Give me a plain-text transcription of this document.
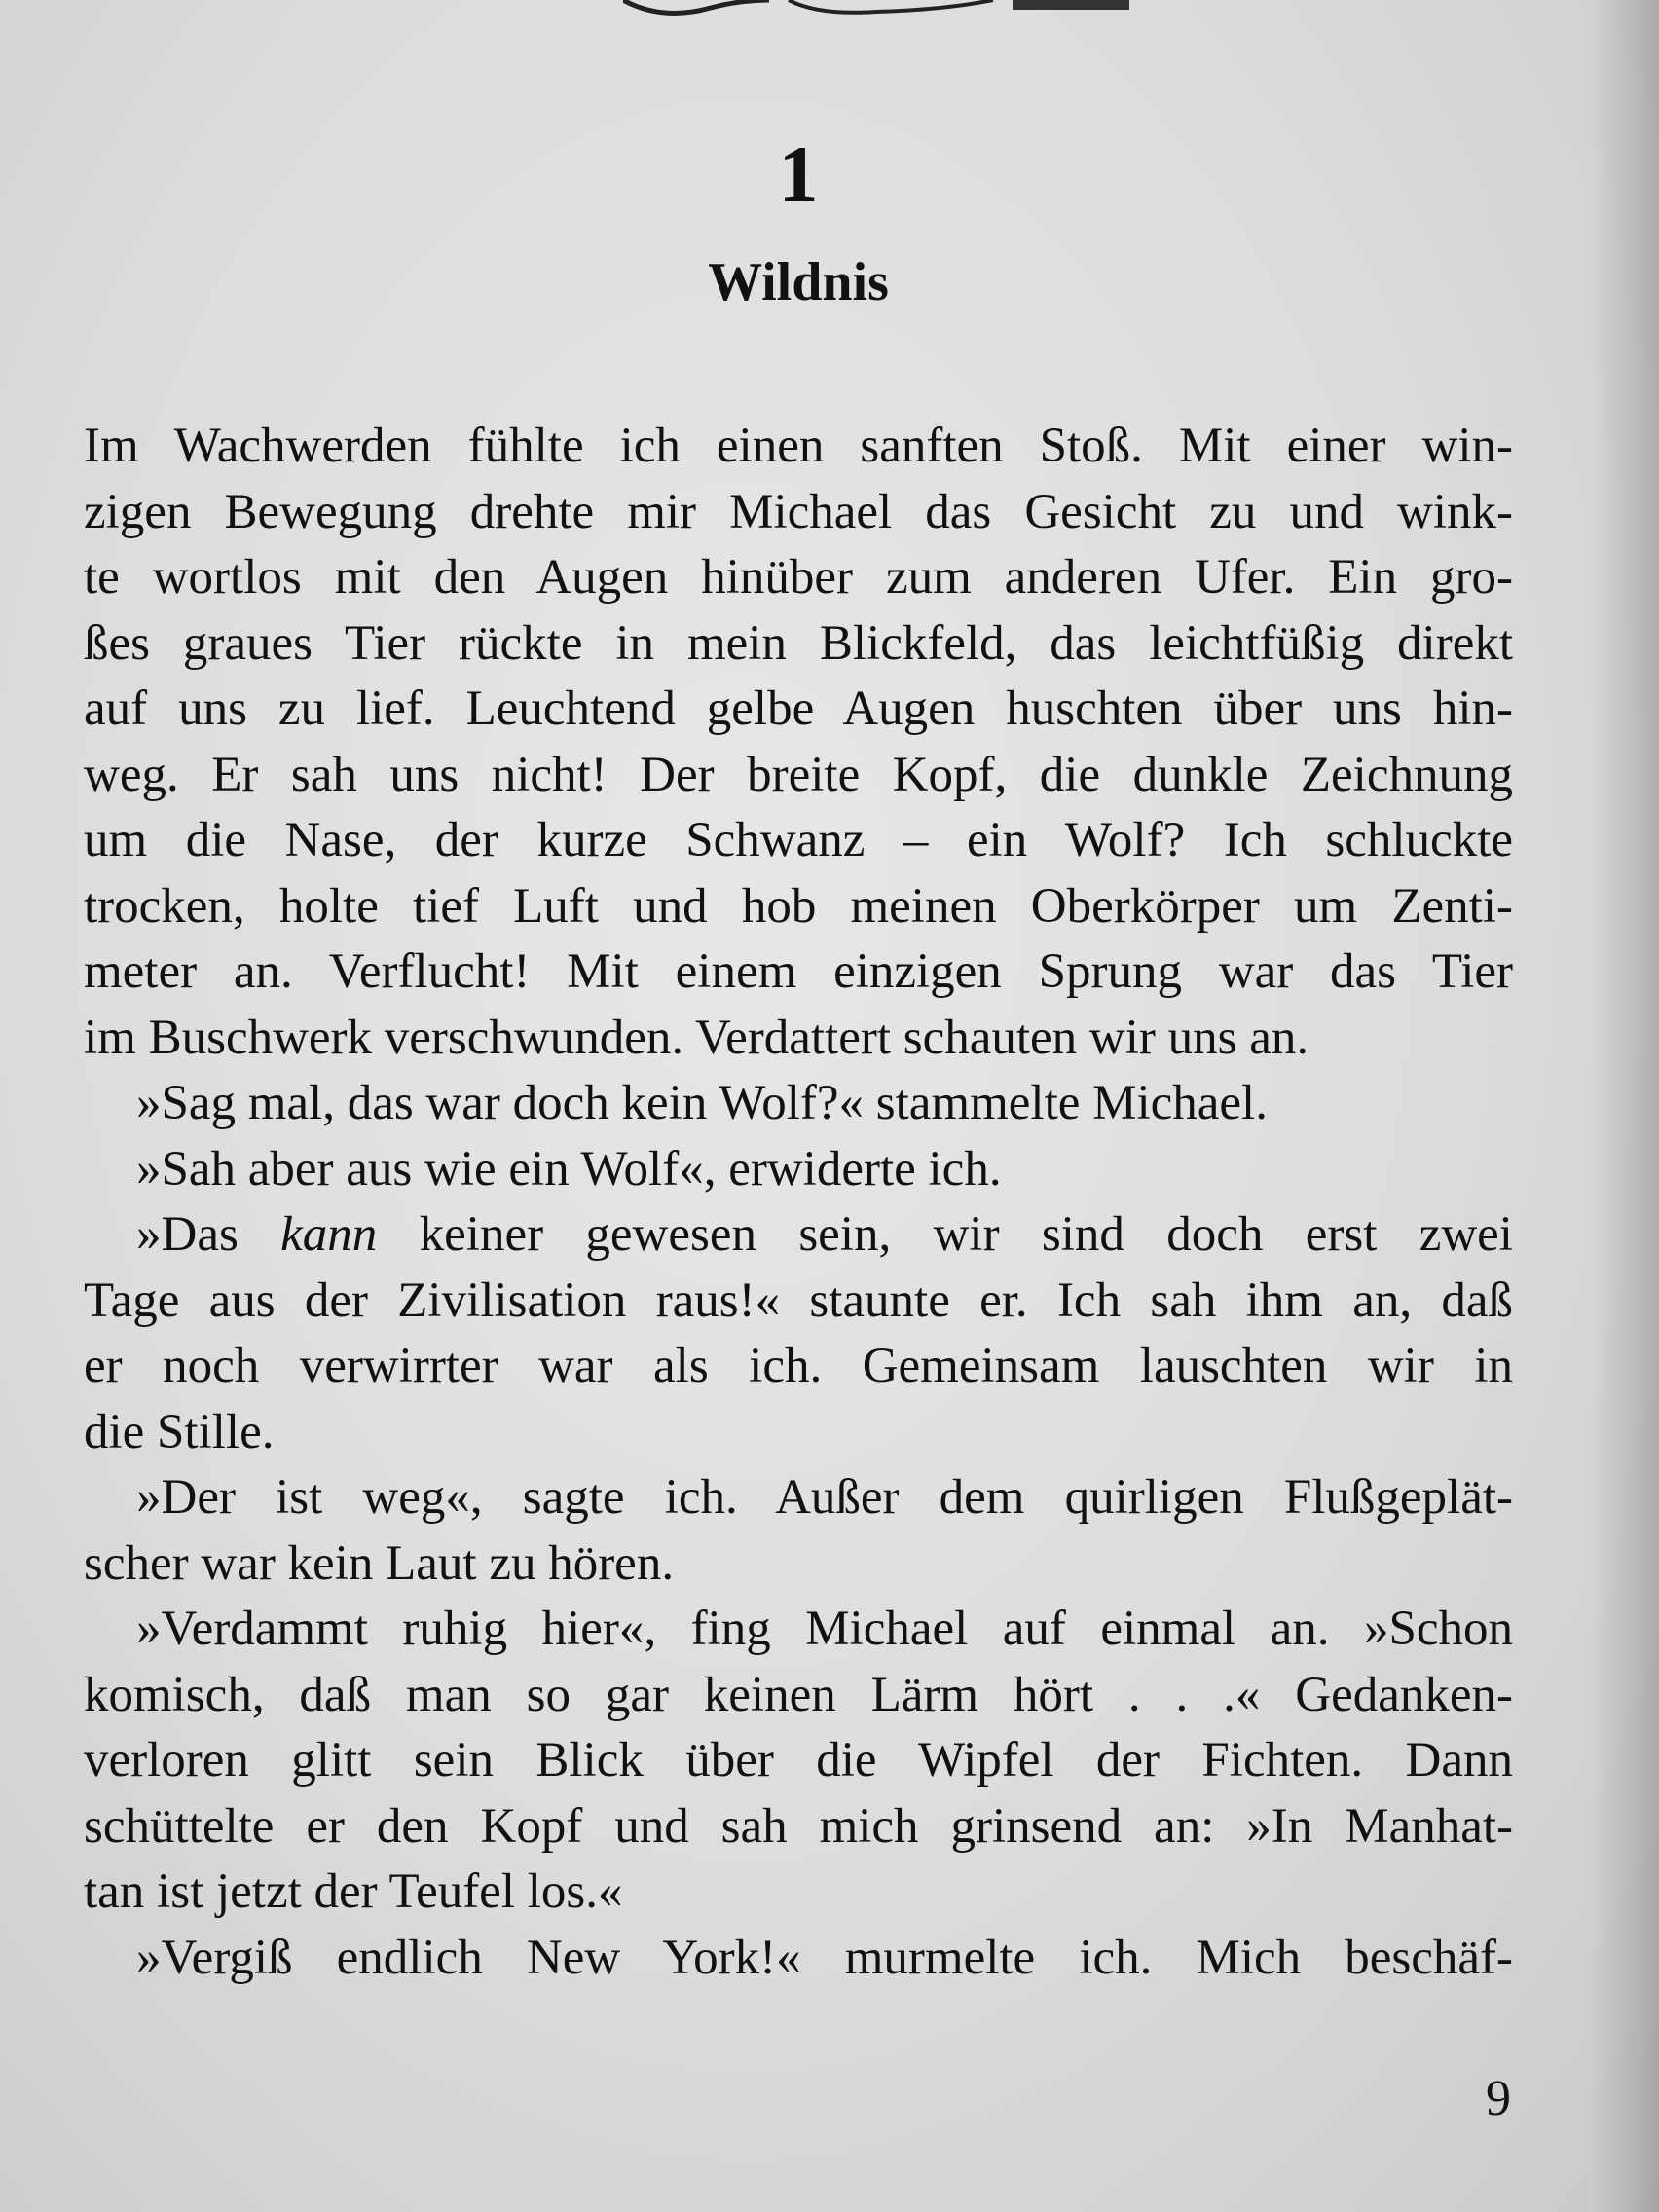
1
Wildnis
Im Wachwerden fühlte ich einen sanften Stoß. Mit einer win-
zigen Bewegung drehte mir Michael das Gesicht zu und wink-
te wortlos mit den Augen hinüber zum anderen Ufer. Ein gro-
ßes graues Tier rückte in mein Blickfeld, das leichtfüßig direkt
auf uns zu lief. Leuchtend gelbe Augen huschten über uns hin-
weg. Er sah uns nicht! Der breite Kopf, die dunkle Zeichnung
um die Nase, der kurze Schwanz – ein Wolf? Ich schluckte
trocken, holte tief Luft und hob meinen Oberkörper um Zenti-
meter an. Verflucht! Mit einem einzigen Sprung war das Tier
im Buschwerk verschwunden. Verdattert schauten wir uns an.
»Sag mal, das war doch kein Wolf?« stammelte Michael.
»Sah aber aus wie ein Wolf«, erwiderte ich.
»Das kann keiner gewesen sein, wir sind doch erst zwei
Tage aus der Zivilisation raus!« staunte er. Ich sah ihm an, daß
er noch verwirrter war als ich. Gemeinsam lauschten wir in
die Stille.
»Der ist weg«, sagte ich. Außer dem quirligen Flußgeplät-
scher war kein Laut zu hören.
»Verdammt ruhig hier«, fing Michael auf einmal an. »Schon
komisch, daß man so gar keinen Lärm hört . . .« Gedanken-
verloren glitt sein Blick über die Wipfel der Fichten. Dann
schüttelte er den Kopf und sah mich grinsend an: »In Manhat-
tan ist jetzt der Teufel los.«
»Vergiß endlich New York!« murmelte ich. Mich beschäf-
9
